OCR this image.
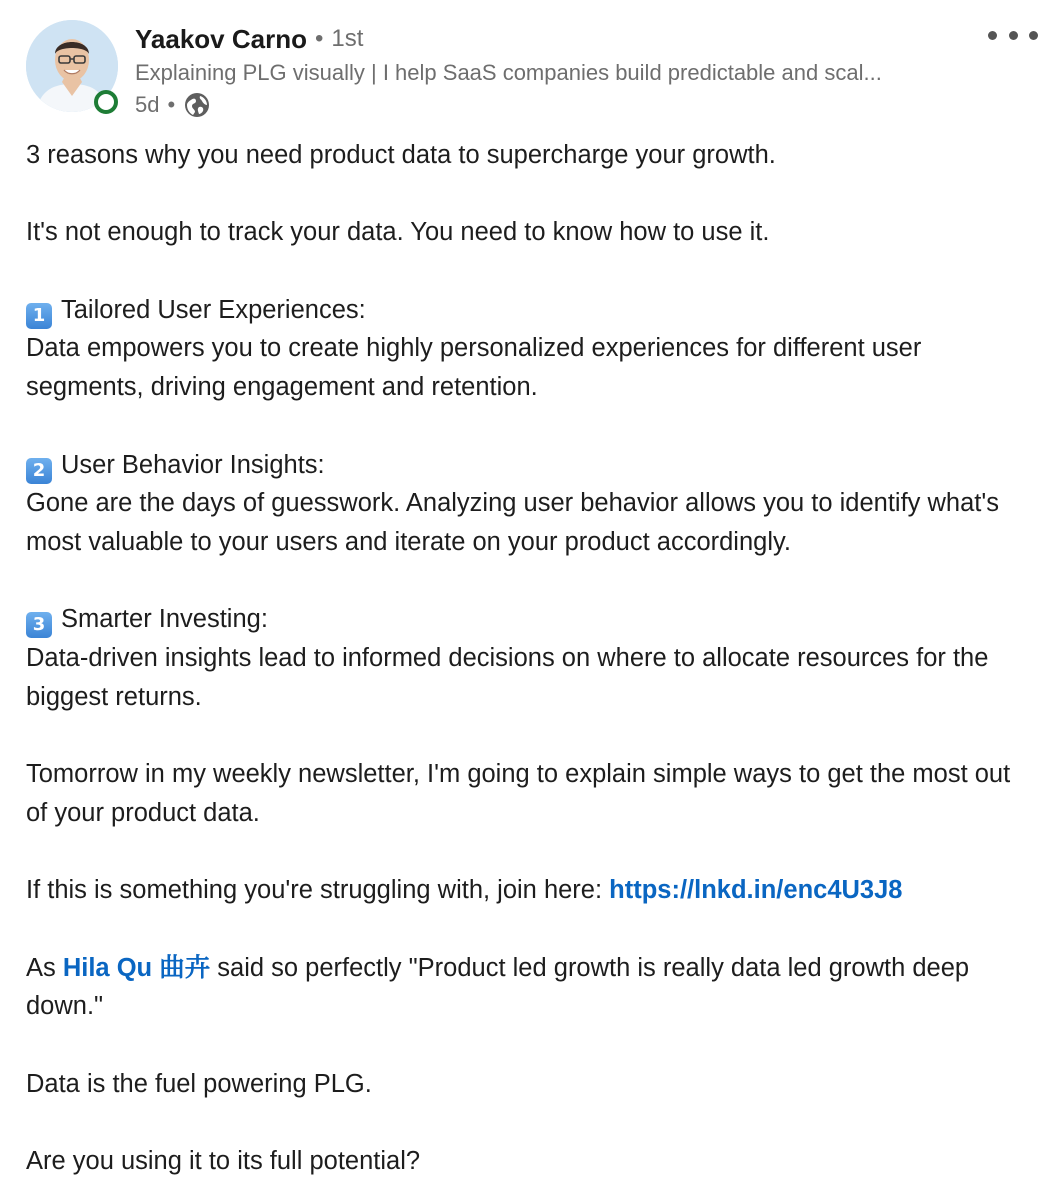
Yaakov Carno • 1st
Explaining PLG visually | I help SaaS companies build predictable and scal...
5d •
3 reasons why you need product data to supercharge your growth.
It's not enough to track your data. You need to know how to use it.
1 Tailored User Experiences:
Data empowers you to create highly personalized experiences for different user segments, driving engagement and retention.
2 User Behavior Insights:
Gone are the days of guesswork. Analyzing user behavior allows you to identify what's most valuable to your users and iterate on your product accordingly.
3 Smarter Investing:
Data-driven insights lead to informed decisions on where to allocate resources for the biggest returns.
Tomorrow in my weekly newsletter, I'm going to explain simple ways to get the most out of your product data.
If this is something you're struggling with, join here: https://lnkd.in/enc4U3J8
As Hila Qu 曲卉 said so perfectly "Product led growth is really data led growth deep down."
Data is the fuel powering PLG.
Are you using it to its full potential?
